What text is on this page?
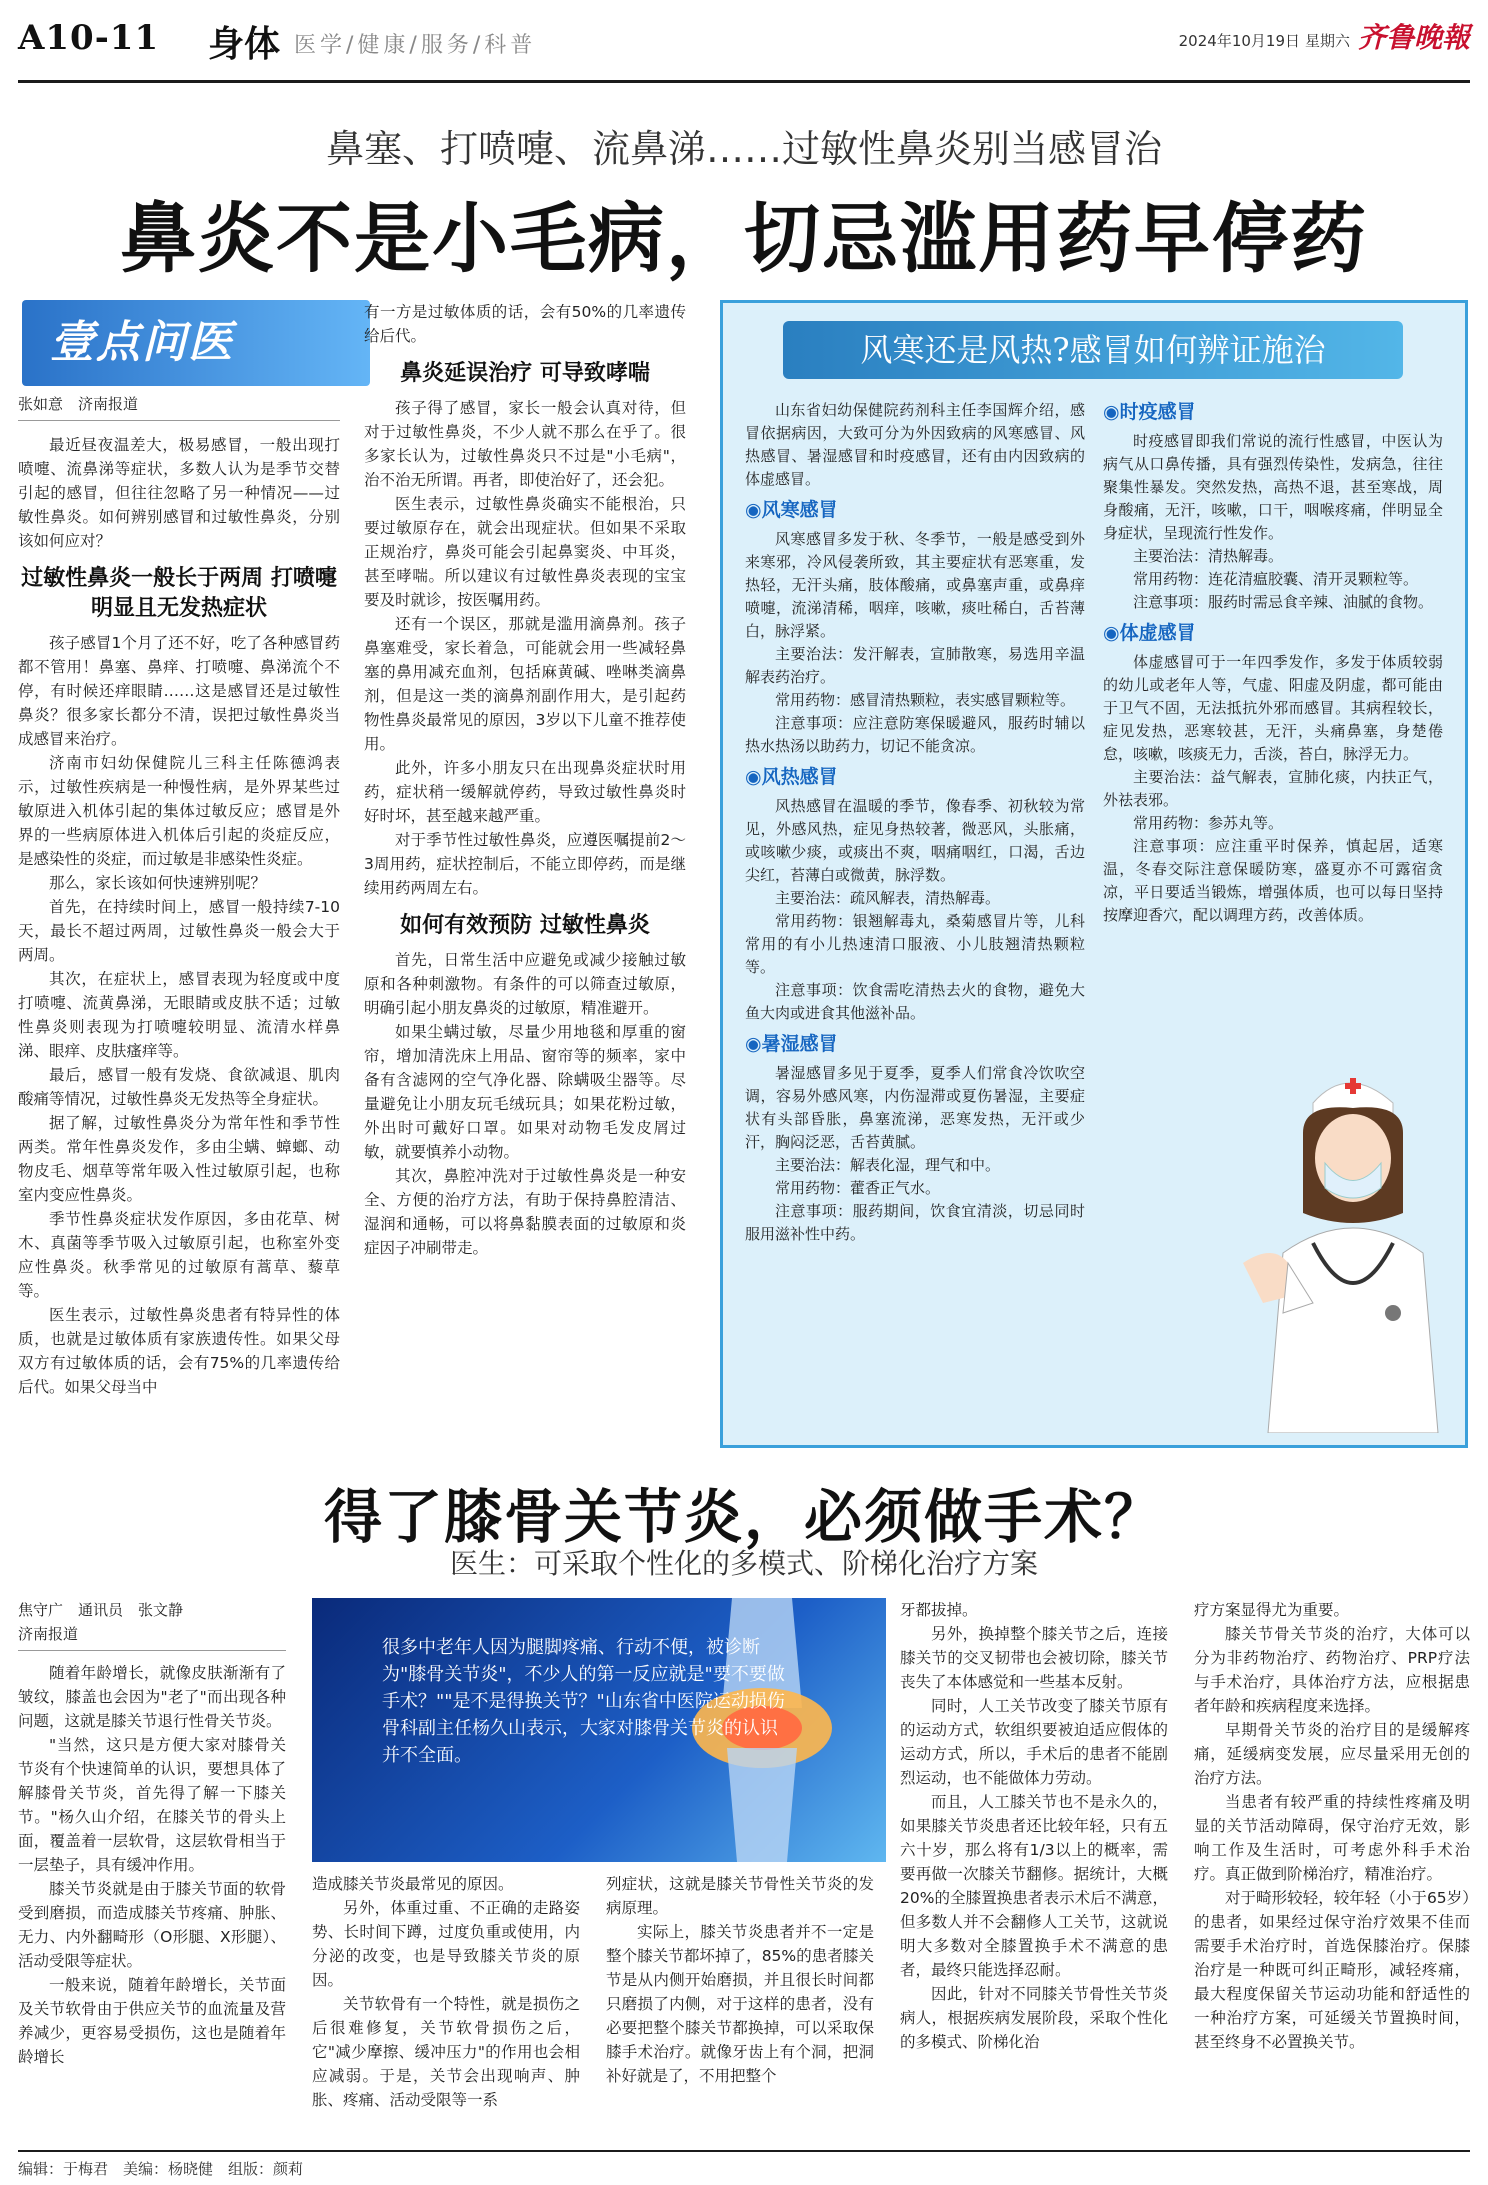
A10-11 身体 医学/健康/服务/科普	2024年10月19日 星期六 齐鲁晚報
鼻塞、打喷嚏、流鼻涕……过敏性鼻炎别当感冒治
鼻炎不是小毛病，切忌滥用药早停药
壹点问医
张如意　济南报道

最近昼夜温差大，极易感冒，一般出现打喷嚏、流鼻涕等症状，多数人认为是季节交替引起的感冒，但往往忽略了另一种情况——过敏性鼻炎。如何辨别感冒和过敏性鼻炎，分别该如何应对？

过敏性鼻炎一般长于两周 打喷嚏明显且无发热症状

孩子感冒1个月了还不好，吃了各种感冒药都不管用！鼻塞、鼻痒、打喷嚏、鼻涕流个不停，有时候还痒眼睛……这是感冒还是过敏性鼻炎？很多家长都分不清，误把过敏性鼻炎当成感冒来治疗。

济南市妇幼保健院儿三科主任陈德鸿表示，过敏性疾病是一种慢性病，是外界某些过敏原进入机体引起的集体过敏反应；感冒是外界的一些病原体进入机体后引起的炎症反应，是感染性的炎症，而过敏是非感染性炎症。

那么，家长该如何快速辨别呢？

首先，在持续时间上，感冒一般持续7-10天，最长不超过两周，过敏性鼻炎一般会大于两周。

其次，在症状上，感冒表现为轻度或中度打喷嚏、流黄鼻涕，无眼睛或皮肤不适；过敏性鼻炎则表现为打喷嚏较明显、流清水样鼻涕、眼痒、皮肤瘙痒等。

最后，感冒一般有发烧、食欲减退、肌肉酸痛等情况，过敏性鼻炎无发热等全身症状。

据了解，过敏性鼻炎分为常年性和季节性两类。常年性鼻炎发作，多由尘螨、蟑螂、动物皮毛、烟草等常年吸入性过敏原引起，也称室内变应性鼻炎。

季节性鼻炎症状发作原因，多由花草、树木、真菌等季节吸入过敏原引起，也称室外变应性鼻炎。秋季常见的过敏原有蒿草、藜草等。

医生表示，过敏性鼻炎患者有特异性的体质，也就是过敏体质有家族遗传性。如果父母双方有过敏体质的话，会有75%的几率遗传给后代。如果父母当中

有一方是过敏体质的话，会有50%的几率遗传给后代。

鼻炎延误治疗 可导致哮喘

孩子得了感冒，家长一般会认真对待，但对于过敏性鼻炎，不少人就不那么在乎了。很多家长认为，过敏性鼻炎只不过是"小毛病"，治不治无所谓。再者，即使治好了，还会犯。

医生表示，过敏性鼻炎确实不能根治，只要过敏原存在，就会出现症状。但如果不采取正规治疗，鼻炎可能会引起鼻窦炎、中耳炎，甚至哮喘。所以建议有过敏性鼻炎表现的宝宝要及时就诊，按医嘱用药。

还有一个误区，那就是滥用滴鼻剂。孩子鼻塞难受，家长着急，可能就会用一些减轻鼻塞的鼻用减充血剂，包括麻黄碱、唑啉类滴鼻剂，但是这一类的滴鼻剂副作用大，是引起药物性鼻炎最常见的原因，3岁以下儿童不推荐使用。

此外，许多小朋友只在出现鼻炎症状时用药，症状稍一缓解就停药，导致过敏性鼻炎时好时坏，甚至越来越严重。

对于季节性过敏性鼻炎，应遵医嘱提前2～3周用药，症状控制后，不能立即停药，而是继续用药两周左右。

如何有效预防 过敏性鼻炎

首先，日常生活中应避免或减少接触过敏原和各种刺激物。有条件的可以筛查过敏原，明确引起小朋友鼻炎的过敏原，精准避开。

如果尘螨过敏，尽量少用地毯和厚重的窗帘，增加清洗床上用品、窗帘等的频率，家中备有含滤网的空气净化器、除螨吸尘器等。尽量避免让小朋友玩毛绒玩具；如果花粉过敏，外出时可戴好口罩。如果对动物毛发皮屑过敏，就要慎养小动物。

其次，鼻腔冲洗对于过敏性鼻炎是一种安全、方便的治疗方法，有助于保持鼻腔清洁、湿润和通畅，可以将鼻黏膜表面的过敏原和炎症因子冲刷带走。

风寒还是风热?感冒如何辨证施治

山东省妇幼保健院药剂科主任李国辉介绍，感冒依据病因，大致可分为外因致病的风寒感冒、风热感冒、暑湿感冒和时疫感冒，还有由内因致病的体虚感冒。

◉风寒感冒

风寒感冒多发于秋、冬季节，一般是感受到外来寒邪，冷风侵袭所致，其主要症状有恶寒重，发热轻，无汗头痛，肢体酸痛，或鼻塞声重，或鼻痒喷嚏，流涕清稀，咽痒，咳嗽，痰吐稀白，舌苔薄白，脉浮紧。

主要治法：发汗解表，宣肺散寒，易选用辛温解表药治疗。

常用药物：感冒清热颗粒，表实感冒颗粒等。

注意事项：应注意防寒保暖避风，服药时辅以热水热汤以助药力，切记不能贪凉。

◉风热感冒

风热感冒在温暖的季节，像春季、初秋较为常见，外感风热，症见身热较著，微恶风，头胀痛，或咳嗽少痰，或痰出不爽，咽痛咽红，口渴，舌边尖红，苔薄白或微黄，脉浮数。

主要治法：疏风解表，清热解毒。

常用药物：银翘解毒丸，桑菊感冒片等，儿科常用的有小儿热速清口服液、小儿肢翘清热颗粒等。

注意事项：饮食需吃清热去火的食物，避免大鱼大肉或进食其他滋补品。

◉暑湿感冒

暑湿感冒多见于夏季，夏季人们常食冷饮吹空调，容易外感风寒，内伤湿滞或夏伤暑湿，主要症状有头部昏胀，鼻塞流涕，恶寒发热，无汗或少汗，胸闷泛恶，舌苔黄腻。

主要治法：解表化湿，理气和中。

常用药物：藿香正气水。

注意事项：服药期间，饮食宜清淡，切忌同时服用滋补性中药。

◉时疫感冒

时疫感冒即我们常说的流行性感冒，中医认为病气从口鼻传播，具有强烈传染性，发病急，往往聚集性暴发。突然发热，高热不退，甚至寒战，周身酸痛，无汗，咳嗽，口干，咽喉疼痛，伴明显全身症状，呈现流行性发作。

主要治法：清热解毒。

常用药物：连花清瘟胶囊、清开灵颗粒等。

注意事项：服药时需忌食辛辣、油腻的食物。

◉体虚感冒

体虚感冒可于一年四季发作，多发于体质较弱的幼儿或老年人等，气虚、阳虚及阴虚，都可能由于卫气不固，无法抵抗外邪而感冒。其病程较长，症见发热，恶寒较甚，无汗，头痛鼻塞，身楚倦怠，咳嗽，咳痰无力，舌淡，苔白，脉浮无力。

主要治法：益气解表，宣肺化痰，内扶正气，外祛表邪。

常用药物：参苏丸等。

注意事项：应注重平时保养，慎起居，适寒温，冬春交际注意保暖防寒，盛夏亦不可露宿贪凉，平日要适当锻炼，增强体质，也可以每日坚持按摩迎香穴，配以调理方药，改善体质。

得了膝骨关节炎，必须做手术？
医生：可采取个性化的多模式、阶梯化治疗方案
焦守广　通讯员　张文静
济南报道

随着年龄增长，就像皮肤渐渐有了皱纹，膝盖也会因为"老了"而出现各种问题，这就是膝关节退行性骨关节炎。

"当然，这只是方便大家对膝骨关节炎有个快速简单的认识，要想具体了解膝骨关节炎，首先得了解一下膝关节。"杨久山介绍，在膝关节的骨头上面，覆盖着一层软骨，这层软骨相当于一层垫子，具有缓冲作用。

膝关节炎就是由于膝关节面的软骨受到磨损，而造成膝关节疼痛、肿胀、无力、内外翻畸形（O形腿、X形腿）、活动受限等症状。

一般来说，随着年龄增长，关节面及关节软骨由于供应关节的血流量及营养减少，更容易受损伤，这也是随着年龄增长

很多中老年人因为腿脚疼痛、行动不便，被诊断为"膝骨关节炎"，不少人的第一反应就是"要不要做手术？""是不是得换关节？"山东省中医院运动损伤骨科副主任杨久山表示，大家对膝骨关节炎的认识并不全面。

造成膝关节炎最常见的原因。

另外，体重过重、不正确的走路姿势、长时间下蹲，过度负重或使用，内分泌的改变，也是导致膝关节炎的原因。

关节软骨有一个特性，就是损伤之后很难修复，关节软骨损伤之后，它"减少摩擦、缓冲压力"的作用也会相应减弱。于是，关节会出现响声、肿胀、疼痛、活动受限等一系

列症状，这就是膝关节骨性关节炎的发病原理。

实际上，膝关节炎患者并不一定是整个膝关节都坏掉了，85%的患者膝关节是从内侧开始磨损，并且很长时间都只磨损了内侧，对于这样的患者，没有必要把整个膝关节都换掉，可以采取保膝手术治疗。就像牙齿上有个洞，把洞补好就是了，不用把整个

牙都拔掉。

另外，换掉整个膝关节之后，连接膝关节的交叉韧带也会被切除，膝关节丧失了本体感觉和一些基本反射。

同时，人工关节改变了膝关节原有的运动方式，软组织要被迫适应假体的运动方式，所以，手术后的患者不能剧烈运动，也不能做体力劳动。

而且，人工膝关节也不是永久的，如果膝关节炎患者还比较年轻，只有五六十岁，那么将有1/3以上的概率，需要再做一次膝关节翻修。据统计，大概20%的全膝置换患者表示术后不满意，但多数人并不会翻修人工关节，这就说明大多数对全膝置换手术不满意的患者，最终只能选择忍耐。

因此，针对不同膝关节骨性关节炎病人，根据疾病发展阶段，采取个性化的多模式、阶梯化治

疗方案显得尤为重要。

膝关节骨关节炎的治疗，大体可以分为非药物治疗、药物治疗、PRP疗法与手术治疗，具体治疗方法，应根据患者年龄和疾病程度来选择。

早期骨关节炎的治疗目的是缓解疼痛，延缓病变发展，应尽量采用无创的治疗方法。

当患者有较严重的持续性疼痛及明显的关节活动障碍，保守治疗无效，影响工作及生活时，可考虑外科手术治疗。真正做到阶梯治疗，精准治疗。

对于畸形较轻，较年轻（小于65岁）的患者，如果经过保守治疗效果不佳而需要手术治疗时，首选保膝治疗。保膝治疗是一种既可纠正畸形，减轻疼痛，最大程度保留关节运动功能和舒适性的一种治疗方案，可延缓关节置换时间，甚至终身不必置换关节。

编辑：于梅君　美编：杨晓健　组版：颜莉
